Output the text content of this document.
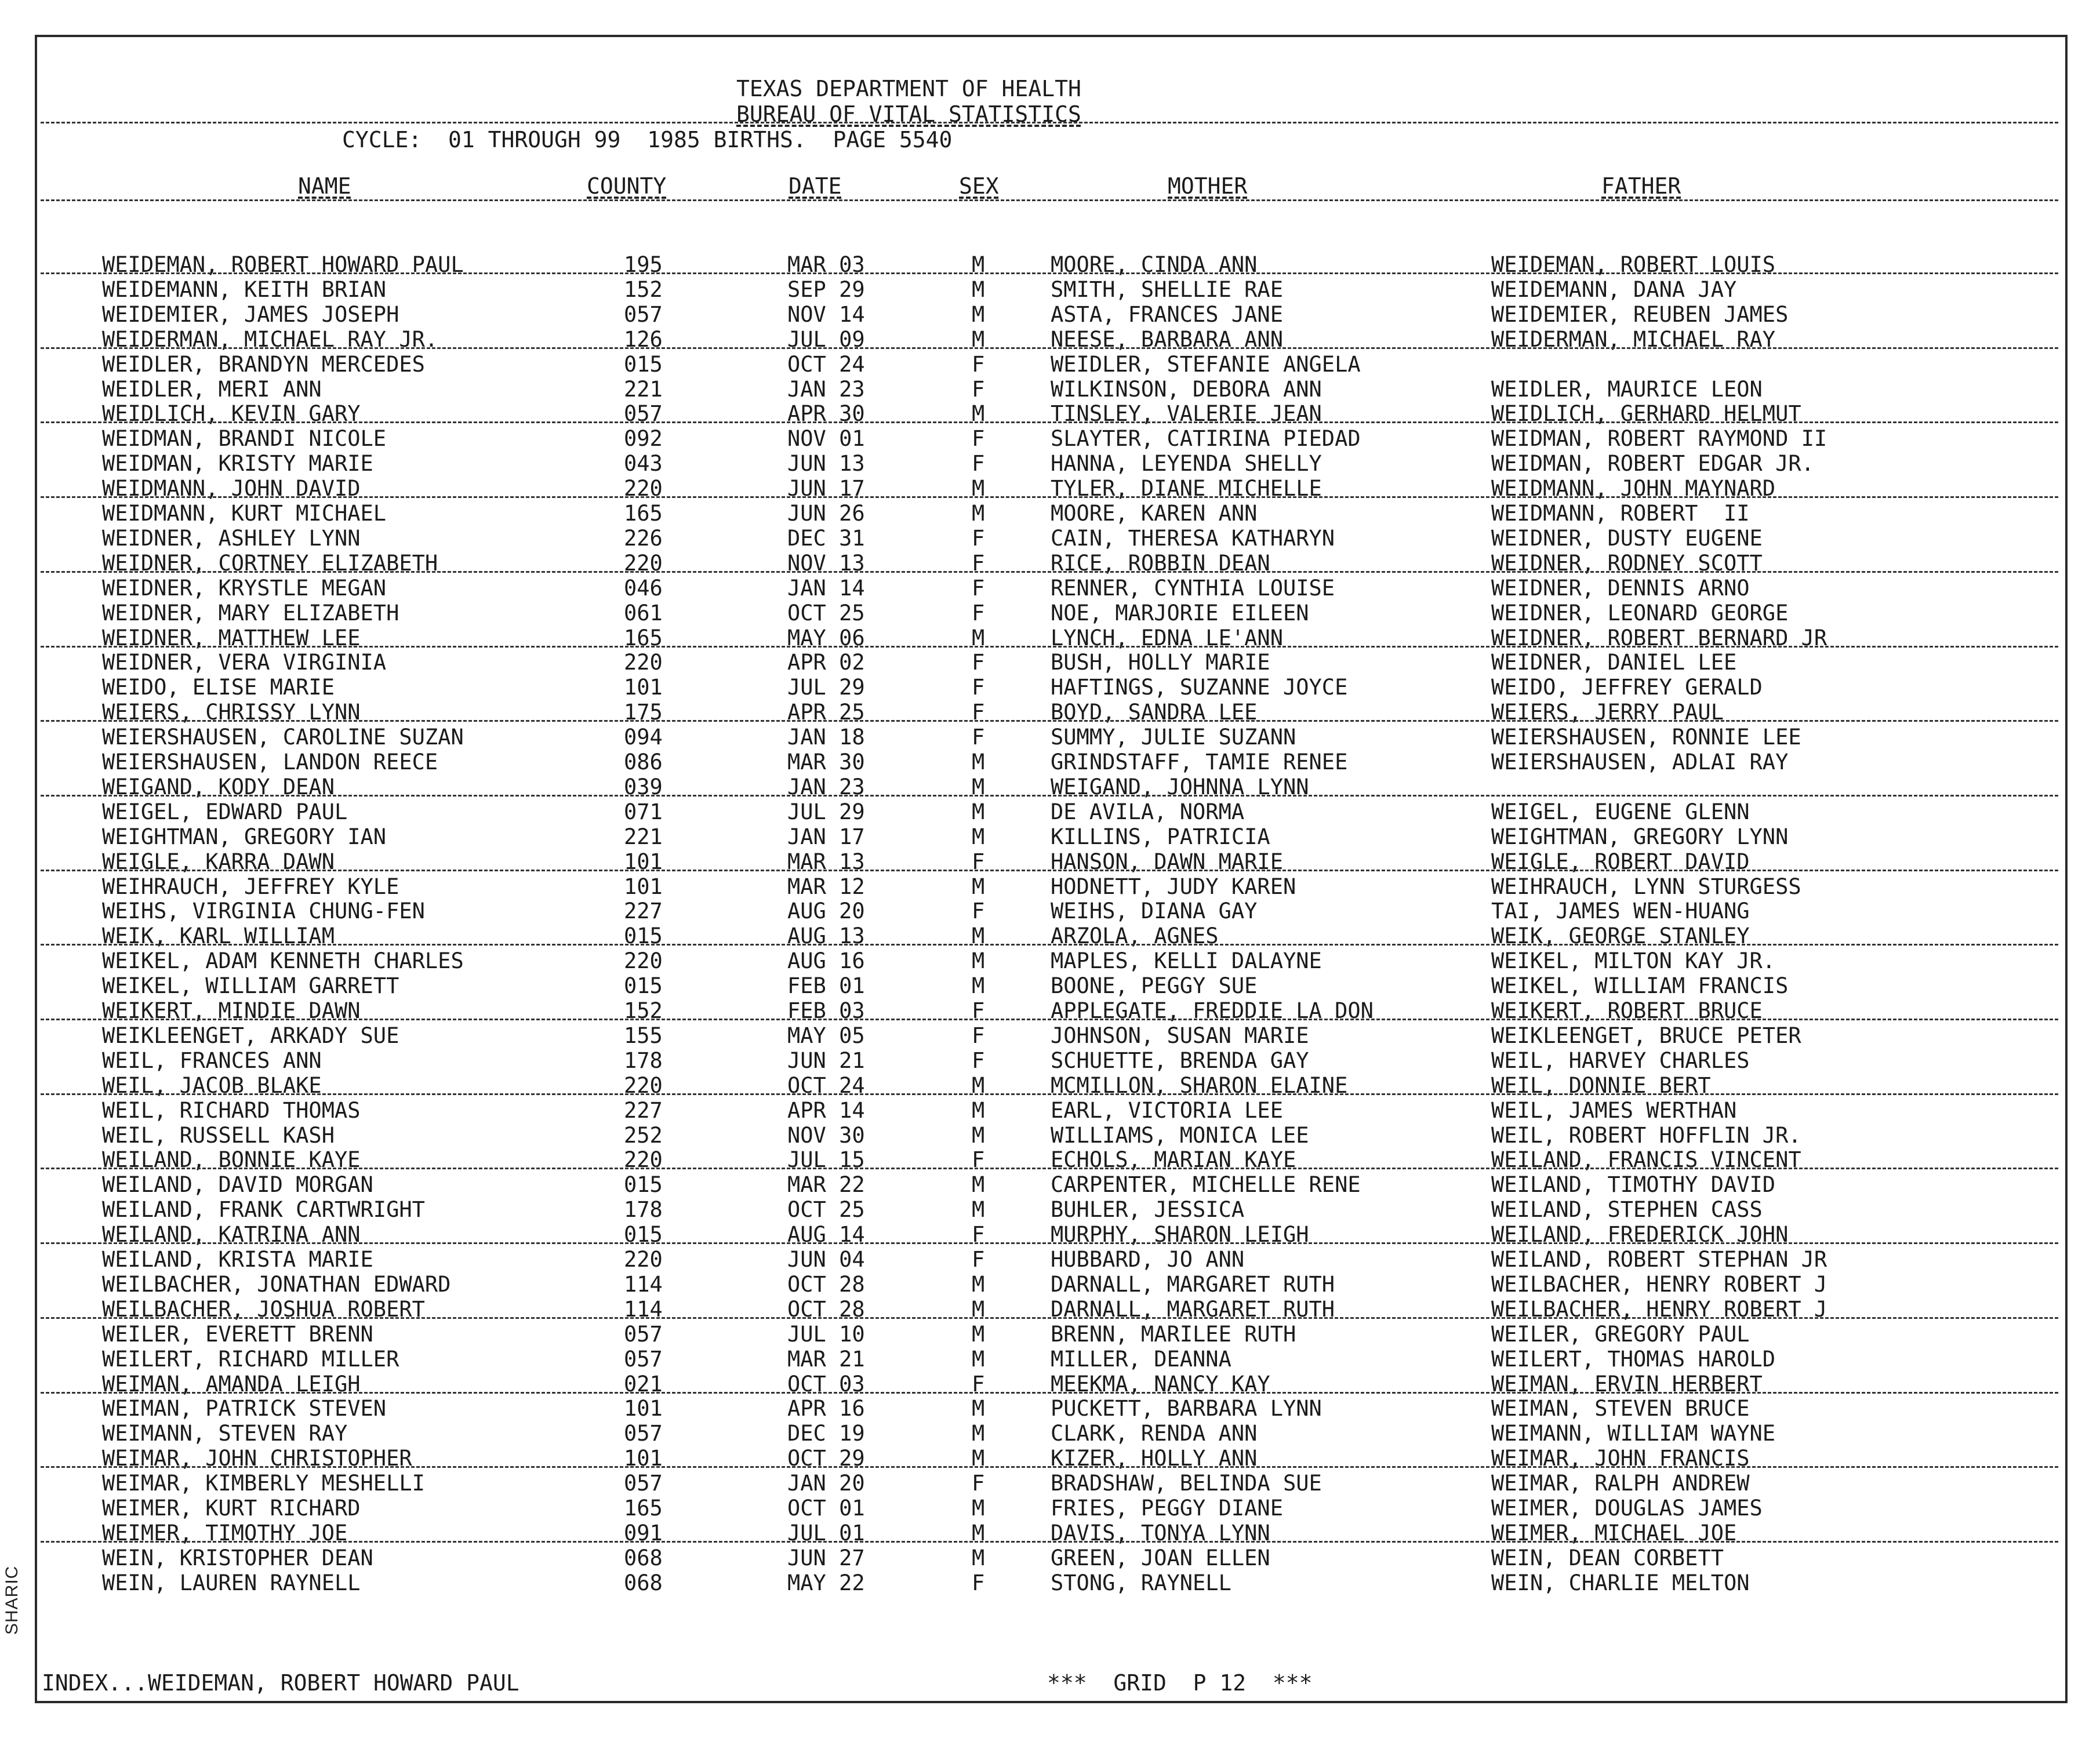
SHARIC
TEXAS DEPARTMENT OF HEALTH
BUREAU OF VITAL STATISTICS
CYCLE:  01 THROUGH 99  1985 BIRTHS.  PAGE 5540
NAME	COUNTY	DATE	SEX	MOTHER	FATHER
WEIDEMAN, ROBERT HOWARD PAUL	195	MAR 03	M	MOORE, CINDA ANN	WEIDEMAN, ROBERT LOUIS
WEIDEMANN, KEITH BRIAN	152	SEP 29	M	SMITH, SHELLIE RAE	WEIDEMANN, DANA JAY
WEIDEMIER, JAMES JOSEPH	057	NOV 14	M	ASTA, FRANCES JANE	WEIDEMIER, REUBEN JAMES
WEIDERMAN, MICHAEL RAY JR.	126	JUL 09	M	NEESE, BARBARA ANN	WEIDERMAN, MICHAEL RAY
WEIDLER, BRANDYN MERCEDES	015	OCT 24	F	WEIDLER, STEFANIE ANGELA
WEIDLER, MERI ANN	221	JAN 23	F	WILKINSON, DEBORA ANN	WEIDLER, MAURICE LEON
WEIDLICH, KEVIN GARY	057	APR 30	M	TINSLEY, VALERIE JEAN	WEIDLICH, GERHARD HELMUT
WEIDMAN, BRANDI NICOLE	092	NOV 01	F	SLAYTER, CATIRINA PIEDAD	WEIDMAN, ROBERT RAYMOND II
WEIDMAN, KRISTY MARIE	043	JUN 13	F	HANNA, LEYENDA SHELLY	WEIDMAN, ROBERT EDGAR JR.
WEIDMANN, JOHN DAVID	220	JUN 17	M	TYLER, DIANE MICHELLE	WEIDMANN, JOHN MAYNARD
WEIDMANN, KURT MICHAEL	165	JUN 26	M	MOORE, KAREN ANN	WEIDMANN, ROBERT  II
WEIDNER, ASHLEY LYNN	226	DEC 31	F	CAIN, THERESA KATHARYN	WEIDNER, DUSTY EUGENE
WEIDNER, CORTNEY ELIZABETH	220	NOV 13	F	RICE, ROBBIN DEAN	WEIDNER, RODNEY SCOTT
WEIDNER, KRYSTLE MEGAN	046	JAN 14	F	RENNER, CYNTHIA LOUISE	WEIDNER, DENNIS ARNO
WEIDNER, MARY ELIZABETH	061	OCT 25	F	NOE, MARJORIE EILEEN	WEIDNER, LEONARD GEORGE
WEIDNER, MATTHEW LEE	165	MAY 06	M	LYNCH, EDNA LE'ANN	WEIDNER, ROBERT BERNARD JR
WEIDNER, VERA VIRGINIA	220	APR 02	F	BUSH, HOLLY MARIE	WEIDNER, DANIEL LEE
WEIDO, ELISE MARIE	101	JUL 29	F	HAFTINGS, SUZANNE JOYCE	WEIDO, JEFFREY GERALD
WEIERS, CHRISSY LYNN	175	APR 25	F	BOYD, SANDRA LEE	WEIERS, JERRY PAUL
WEIERSHAUSEN, CAROLINE SUZAN	094	JAN 18	F	SUMMY, JULIE SUZANN	WEIERSHAUSEN, RONNIE LEE
WEIERSHAUSEN, LANDON REECE	086	MAR 30	M	GRINDSTAFF, TAMIE RENEE	WEIERSHAUSEN, ADLAI RAY
WEIGAND, KODY DEAN	039	JAN 23	M	WEIGAND, JOHNNA LYNN
WEIGEL, EDWARD PAUL	071	JUL 29	M	DE AVILA, NORMA	WEIGEL, EUGENE GLENN
WEIGHTMAN, GREGORY IAN	221	JAN 17	M	KILLINS, PATRICIA	WEIGHTMAN, GREGORY LYNN
WEIGLE, KARRA DAWN	101	MAR 13	F	HANSON, DAWN MARIE	WEIGLE, ROBERT DAVID
WEIHRAUCH, JEFFREY KYLE	101	MAR 12	M	HODNETT, JUDY KAREN	WEIHRAUCH, LYNN STURGESS
WEIHS, VIRGINIA CHUNG-FEN	227	AUG 20	F	WEIHS, DIANA GAY	TAI, JAMES WEN-HUANG
WEIK, KARL WILLIAM	015	AUG 13	M	ARZOLA, AGNES	WEIK, GEORGE STANLEY
WEIKEL, ADAM KENNETH CHARLES	220	AUG 16	M	MAPLES, KELLI DALAYNE	WEIKEL, MILTON KAY JR.
WEIKEL, WILLIAM GARRETT	015	FEB 01	M	BOONE, PEGGY SUE	WEIKEL, WILLIAM FRANCIS
WEIKERT, MINDIE DAWN	152	FEB 03	F	APPLEGATE, FREDDIE LA DON	WEIKERT, ROBERT BRUCE
WEIKLEENGET, ARKADY SUE	155	MAY 05	F	JOHNSON, SUSAN MARIE	WEIKLEENGET, BRUCE PETER
WEIL, FRANCES ANN	178	JUN 21	F	SCHUETTE, BRENDA GAY	WEIL, HARVEY CHARLES
WEIL, JACOB BLAKE	220	OCT 24	M	MCMILLON, SHARON ELAINE	WEIL, DONNIE BERT
WEIL, RICHARD THOMAS	227	APR 14	M	EARL, VICTORIA LEE	WEIL, JAMES WERTHAN
WEIL, RUSSELL KASH	252	NOV 30	M	WILLIAMS, MONICA LEE	WEIL, ROBERT HOFFLIN JR.
WEILAND, BONNIE KAYE	220	JUL 15	F	ECHOLS, MARIAN KAYE	WEILAND, FRANCIS VINCENT
WEILAND, DAVID MORGAN	015	MAR 22	M	CARPENTER, MICHELLE RENE	WEILAND, TIMOTHY DAVID
WEILAND, FRANK CARTWRIGHT	178	OCT 25	M	BUHLER, JESSICA	WEILAND, STEPHEN CASS
WEILAND, KATRINA ANN	015	AUG 14	F	MURPHY, SHARON LEIGH	WEILAND, FREDERICK JOHN
WEILAND, KRISTA MARIE	220	JUN 04	F	HUBBARD, JO ANN	WEILAND, ROBERT STEPHAN JR
WEILBACHER, JONATHAN EDWARD	114	OCT 28	M	DARNALL, MARGARET RUTH	WEILBACHER, HENRY ROBERT J
WEILBACHER, JOSHUA ROBERT	114	OCT 28	M	DARNALL, MARGARET RUTH	WEILBACHER, HENRY ROBERT J
WEILER, EVERETT BRENN	057	JUL 10	M	BRENN, MARILEE RUTH	WEILER, GREGORY PAUL
WEILERT, RICHARD MILLER	057	MAR 21	M	MILLER, DEANNA	WEILERT, THOMAS HAROLD
WEIMAN, AMANDA LEIGH	021	OCT 03	F	MEEKMA, NANCY KAY	WEIMAN, ERVIN HERBERT
WEIMAN, PATRICK STEVEN	101	APR 16	M	PUCKETT, BARBARA LYNN	WEIMAN, STEVEN BRUCE
WEIMANN, STEVEN RAY	057	DEC 19	M	CLARK, RENDA ANN	WEIMANN, WILLIAM WAYNE
WEIMAR, JOHN CHRISTOPHER	101	OCT 29	M	KIZER, HOLLY ANN	WEIMAR, JOHN FRANCIS
WEIMAR, KIMBERLY MESHELLI	057	JAN 20	F	BRADSHAW, BELINDA SUE	WEIMAR, RALPH ANDREW
WEIMER, KURT RICHARD	165	OCT 01	M	FRIES, PEGGY DIANE	WEIMER, DOUGLAS JAMES
WEIMER, TIMOTHY JOE	091	JUL 01	M	DAVIS, TONYA LYNN	WEIMER, MICHAEL JOE
WEIN, KRISTOPHER DEAN	068	JUN 27	M	GREEN, JOAN ELLEN	WEIN, DEAN CORBETT
WEIN, LAUREN RAYNELL	068	MAY 22	F	STONG, RAYNELL	WEIN, CHARLIE MELTON
INDEX...WEIDEMAN, ROBERT HOWARD PAUL	***  GRID  P 12  ***
